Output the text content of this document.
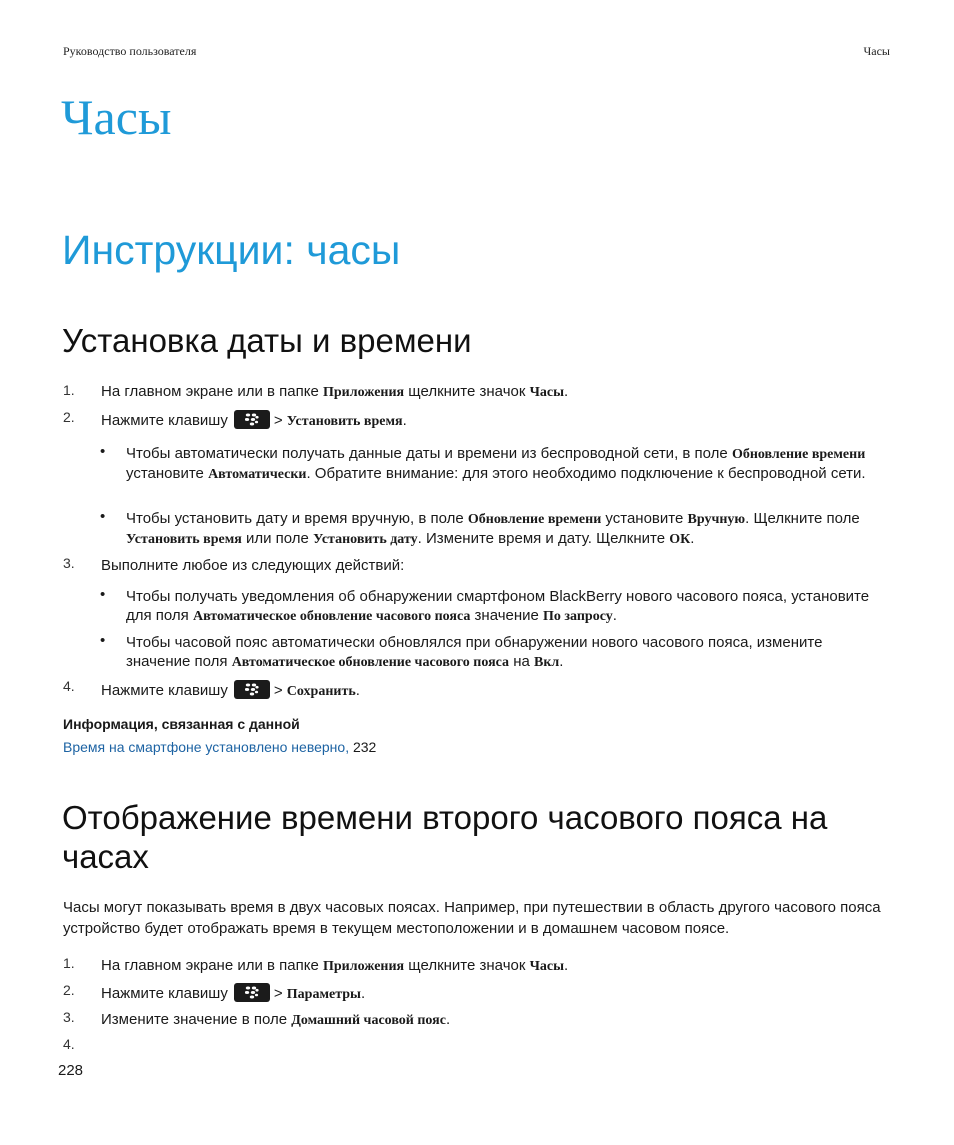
Руководство пользователя	Часы
Часы
Инструкции: часы
Установка даты и времени
1. На главном экране или в папке Приложения щелкните значок Часы.
2. Нажмите клавишу	> Установить время.
• Чтобы автоматически получать данные даты и времени из беспроводной сети, в поле Обновление времени установите Автоматически. Обратите внимание: для этого необходимо подключение к беспроводной сети.
• Чтобы установить дату и время вручную, в поле Обновление времени установите Вручную. Щелкните поле Установить время или поле Установить дату. Измените время и дату. Щелкните ОК.
3. Выполните любое из следующих действий:
• Чтобы получать уведомления об обнаружении смартфоном BlackBerry нового часового пояса, установите для поля Автоматическое обновление часового пояса значение По запросу.
• Чтобы часовой пояс автоматически обновлялся при обнаружении нового часового пояса, измените значение поля Автоматическое обновление часового пояса на Вкл.
4. Нажмите клавишу	> Сохранить.
Информация, связанная с данной
Время на смартфоне установлено неверно, 232
Отображение времени второго часового пояса на часах

Часы могут показывать время в двух часовых поясах. Например, при путешествии в область другого часового пояса устройство будет отображать время в текущем местоположении и в домашнем часовом поясе.

1. На главном экране или в папке Приложения щелкните значок Часы.
2. Нажмите клавишу	> Параметры.
3. Измените значение в поле Домашний часовой пояс.
4.
228
